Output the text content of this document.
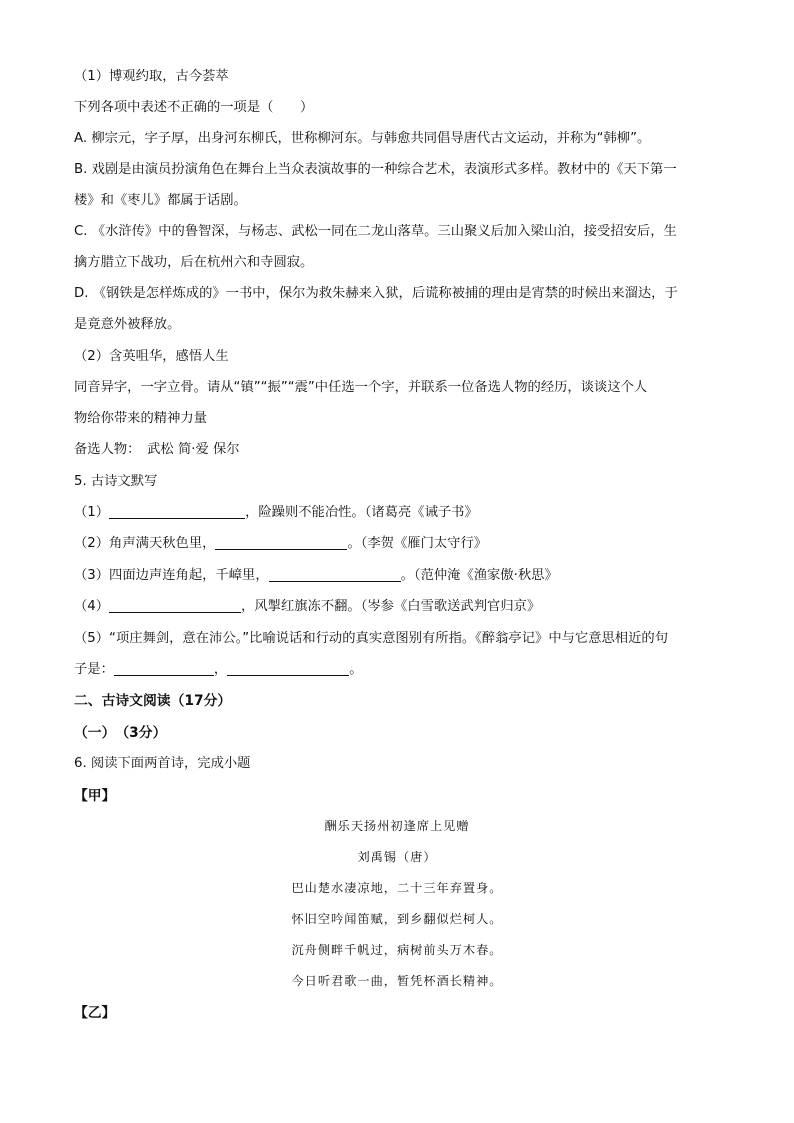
（1）博观约取，古今荟萃
下列各项中表述不正确的一项是（　　）
A. 柳宗元，字子厚，出身河东柳氏，世称柳河东。与韩愈共同倡导唐代古文运动，并称为“韩柳”。
B. 戏剧是由演员扮演角色在舞台上当众表演故事的一种综合艺术，表演形式多样。教材中的《天下第一
楼》和《枣儿》都属于话剧。
C. 《水浒传》中的鲁智深，与杨志、武松一同在二龙山落草。三山聚义后加入梁山泊，接受招安后，生
擒方腊立下战功，后在杭州六和寺圆寂。
D. 《钢铁是怎样炼成的》一书中，保尔为救朱赫来入狱，后谎称被捕的理由是宵禁的时候出来溜达，于
是竟意外被释放。
（2）含英咀华，感悟人生
同音异字，一字立骨。请从“镇”“振”“震”中任选一个字，并联系一位备选人物的经历，谈谈这个人
物给你带来的精神力量
备选人物：　武松 简·爱 保尔
5. 古诗文默写
（1）	，险躁则不能冶性。（诸葛亮《诫子书》
（2）角声满天秋色里，	。（李贺《雁门太守行》
（3）四面边声连角起，千嶂里，	。（范仲淹《渔家傲·秋思》
（4）	，风掣红旗冻不翻。（岑参《白雪歌送武判官归京》
（5）“项庄舞剑，意在沛公。”比喻说话和行动的真实意图别有所指。《醉翁亭记》中与它意思相近的句
子是：	，	。
二、古诗文阅读（17分）
（一）　（3分）
6. 阅读下面两首诗，完成小题
【甲】
酬乐天扬州初逢席上见赠
刘禹锡（唐）
巴山楚水凄凉地，二十三年弃置身。
怀旧空吟闻笛赋，到乡翻似烂柯人。
沉舟侧畔千帆过，病树前头万木春。
今日听君歌一曲，暂凭杯酒长精神。
【乙】
